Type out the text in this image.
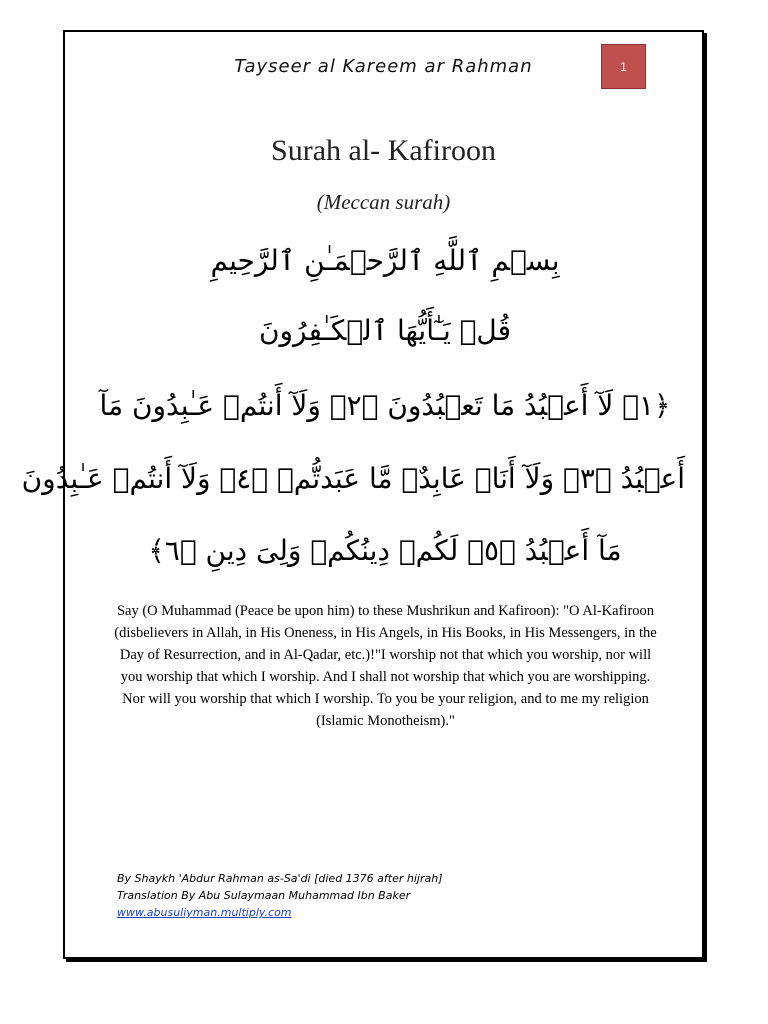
Tayseer al Kareem ar Rahman	1
Surah al- Kafiroon
(Meccan surah)
بِسۡمِ ٱللَّهِ ٱلرَّحۡمَـٰنِ ٱلرَّحِيمِ
قُلۡ يَـٰٓأَيُّهَا ٱلۡكَـٰفِرُونَ
﴿١﴾ لَآ أَعۡبُدُ مَا تَعۡبُدُونَ ﴿٢﴾ وَلَآ أَنتُمۡ عَـٰبِدُونَ مَآ
أَعۡبُدُ ﴿٣﴾ وَلَآ أَنَا۟ عَابِدٌ۬ مَّا عَبَدتُّمۡ ﴿٤﴾ وَلَآ أَنتُمۡ عَـٰبِدُونَ
مَآ أَعۡبُدُ ﴿٥﴾ لَكُمۡ دِينُكُمۡ وَلِىَ دِينِ ﴿٦﴾
Say (O Muhammad (Peace be upon him) to these Mushrikun and Kafiroon): "O Al-Kafiroon (disbelievers in Allah, in His Oneness, in His Angels, in His Books, in His Messengers, in the Day of Resurrection, and in Al-Qadar, etc.)!"I worship not that which you worship, nor will you worship that which I worship. And I shall not worship that which you are worshipping. Nor will you worship that which I worship. To you be your religion, and to me my religion (Islamic Monotheism)."
By Shaykh 'Abdur Rahman as-Sa'di [died 1376 after hijrah]
Translation By Abu Sulaymaan Muhammad Ibn Baker
www.abusuliyman.multiply.com
